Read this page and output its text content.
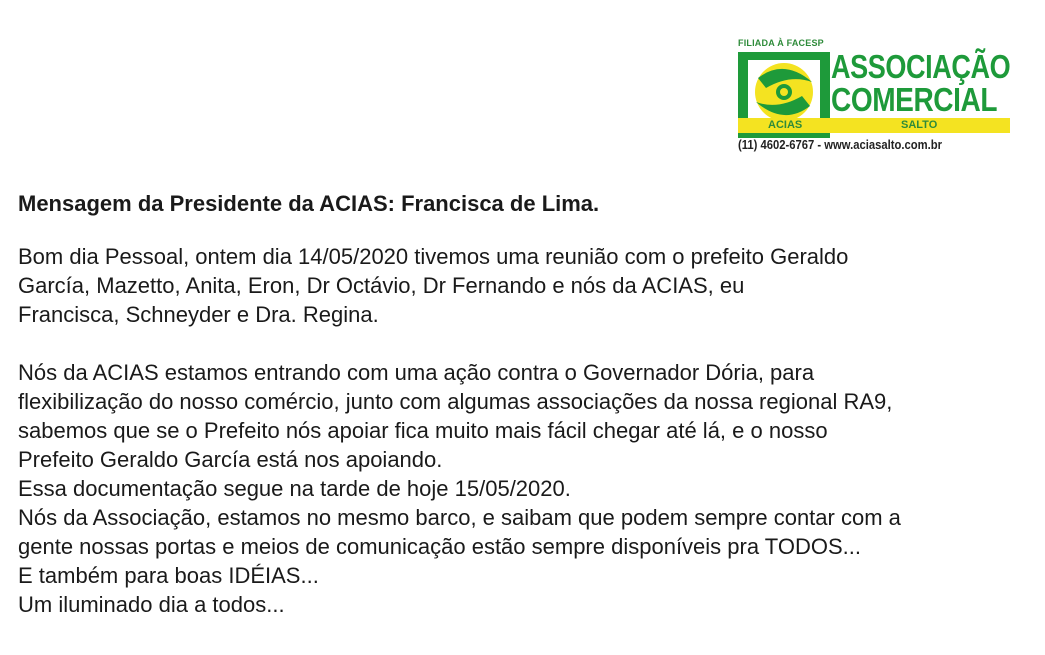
FILIADA À FACESP
ASSOCIAÇÃO
COMERCIAL
ACIAS	SALTO
(11) 4602-6767 - www.aciasalto.com.br

Mensagem da Presidente da ACIAS: Francisca de Lima.

Bom dia Pessoal, ontem dia 14/05/2020 tivemos uma reunião com o prefeito Geraldo
García, Mazetto, Anita, Eron, Dr Octávio, Dr Fernando e nós da ACIAS, eu
Francisca, Schneyder e Dra. Regina.

Nós da ACIAS estamos entrando com uma ação contra o Governador Dória, para
flexibilização do nosso comércio, junto com algumas associações da nossa regional RA9,
sabemos que se o Prefeito nós apoiar fica muito mais fácil chegar até lá, e o nosso
Prefeito Geraldo García está nos apoiando.
Essa documentação segue na tarde de hoje 15/05/2020.
Nós da Associação, estamos no mesmo barco, e saibam que podem sempre contar com a
gente nossas portas e meios de comunicação estão sempre disponíveis pra TODOS...
E também para boas IDÉIAS...
Um iluminado dia a todos...
